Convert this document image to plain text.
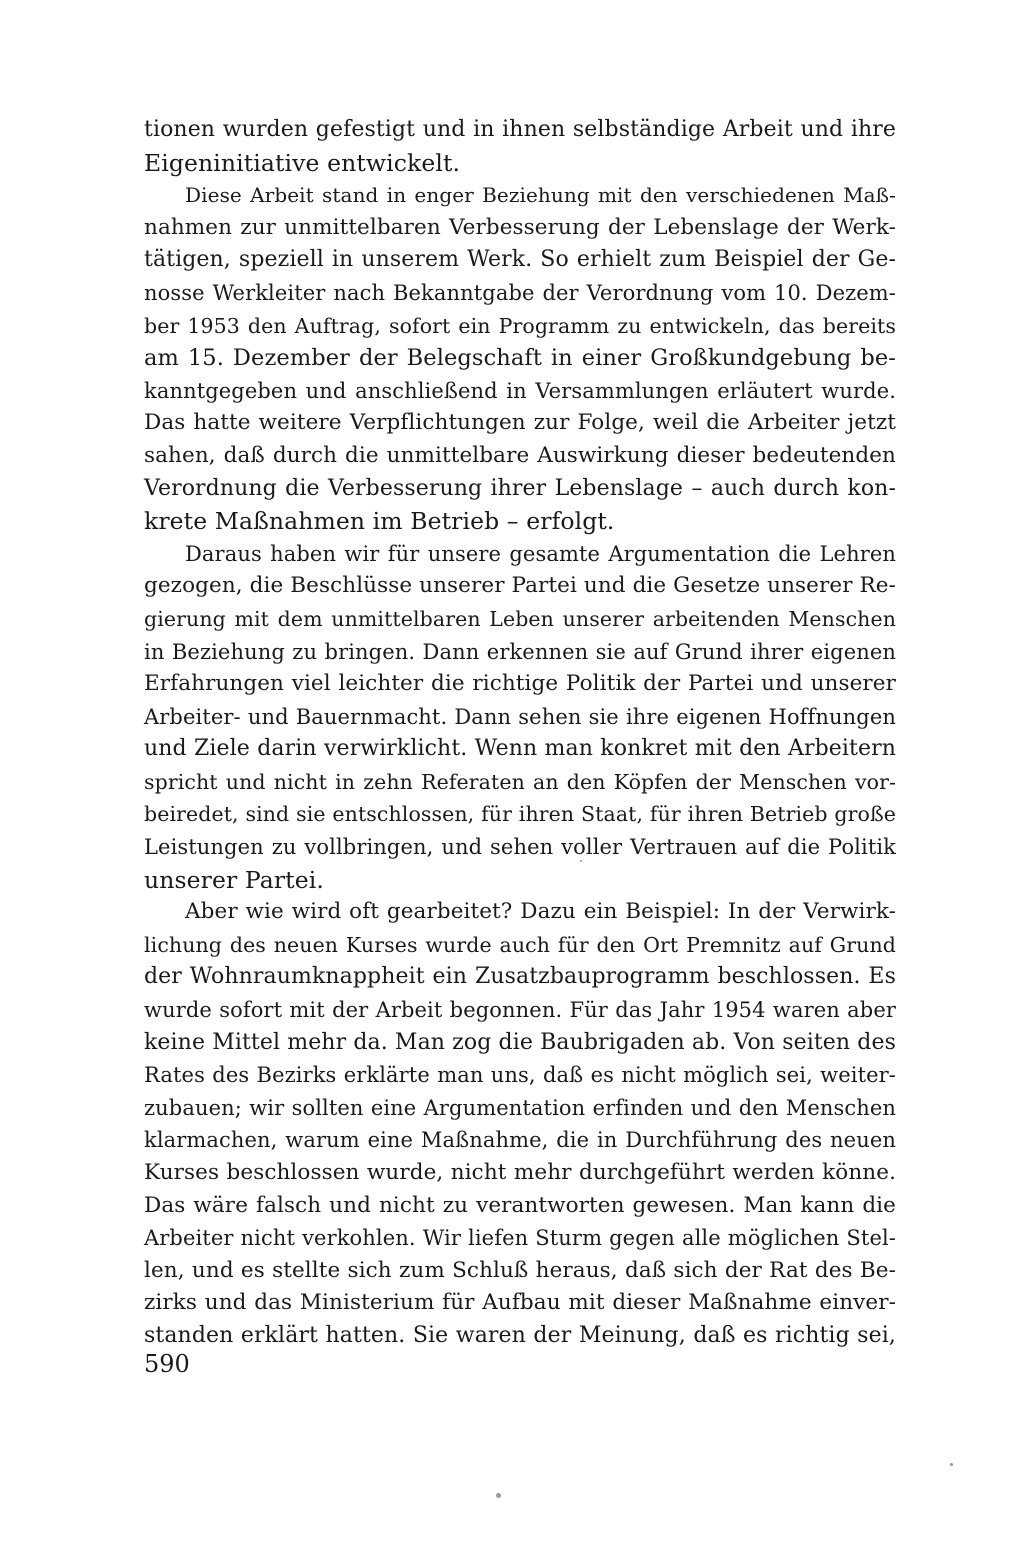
tionen wurden gefestigt und in ihnen selbständige Arbeit und ihre
Eigeninitiative entwickelt.
Diese Arbeit stand in enger Beziehung mit den verschiedenen Maß-
nahmen zur unmittelbaren Verbesserung der Lebenslage der Werk-
tätigen, speziell in unserem Werk. So erhielt zum Beispiel der Ge-
nosse Werkleiter nach Bekanntgabe der Verordnung vom 10. Dezem-
ber 1953 den Auftrag, sofort ein Programm zu entwickeln, das bereits
am 15. Dezember der Belegschaft in einer Großkundgebung be-
kanntgegeben und anschließend in Versammlungen erläutert wurde.
Das hatte weitere Verpflichtungen zur Folge, weil die Arbeiter jetzt
sahen, daß durch die unmittelbare Auswirkung dieser bedeutenden
Verordnung die Verbesserung ihrer Lebenslage – auch durch kon-
krete Maßnahmen im Betrieb – erfolgt.
Daraus haben wir für unsere gesamte Argumentation die Lehren
gezogen, die Beschlüsse unserer Partei und die Gesetze unserer Re-
gierung mit dem unmittelbaren Leben unserer arbeitenden Menschen
in Beziehung zu bringen. Dann erkennen sie auf Grund ihrer eigenen
Erfahrungen viel leichter die richtige Politik der Partei und unserer
Arbeiter- und Bauernmacht. Dann sehen sie ihre eigenen Hoffnungen
und Ziele darin verwirklicht. Wenn man konkret mit den Arbeitern
spricht und nicht in zehn Referaten an den Köpfen der Menschen vor-
beiredet, sind sie entschlossen, für ihren Staat, für ihren Betrieb große
Leistungen zu vollbringen, und sehen voller Vertrauen auf die Politik
unserer Partei.
Aber wie wird oft gearbeitet? Dazu ein Beispiel: In der Verwirk-
lichung des neuen Kurses wurde auch für den Ort Premnitz auf Grund
der Wohnraumknappheit ein Zusatzbauprogramm beschlossen. Es
wurde sofort mit der Arbeit begonnen. Für das Jahr 1954 waren aber
keine Mittel mehr da. Man zog die Baubrigaden ab. Von seiten des
Rates des Bezirks erklärte man uns, daß es nicht möglich sei, weiter-
zubauen; wir sollten eine Argumentation erfinden und den Menschen
klarmachen, warum eine Maßnahme, die in Durchführung des neuen
Kurses beschlossen wurde, nicht mehr durchgeführt werden könne.
Das wäre falsch und nicht zu verantworten gewesen. Man kann die
Arbeiter nicht verkohlen. Wir liefen Sturm gegen alle möglichen Stel-
len, und es stellte sich zum Schluß heraus, daß sich der Rat des Be-
zirks und das Ministerium für Aufbau mit dieser Maßnahme einver-
standen erklärt hatten. Sie waren der Meinung, daß es richtig sei,
590
